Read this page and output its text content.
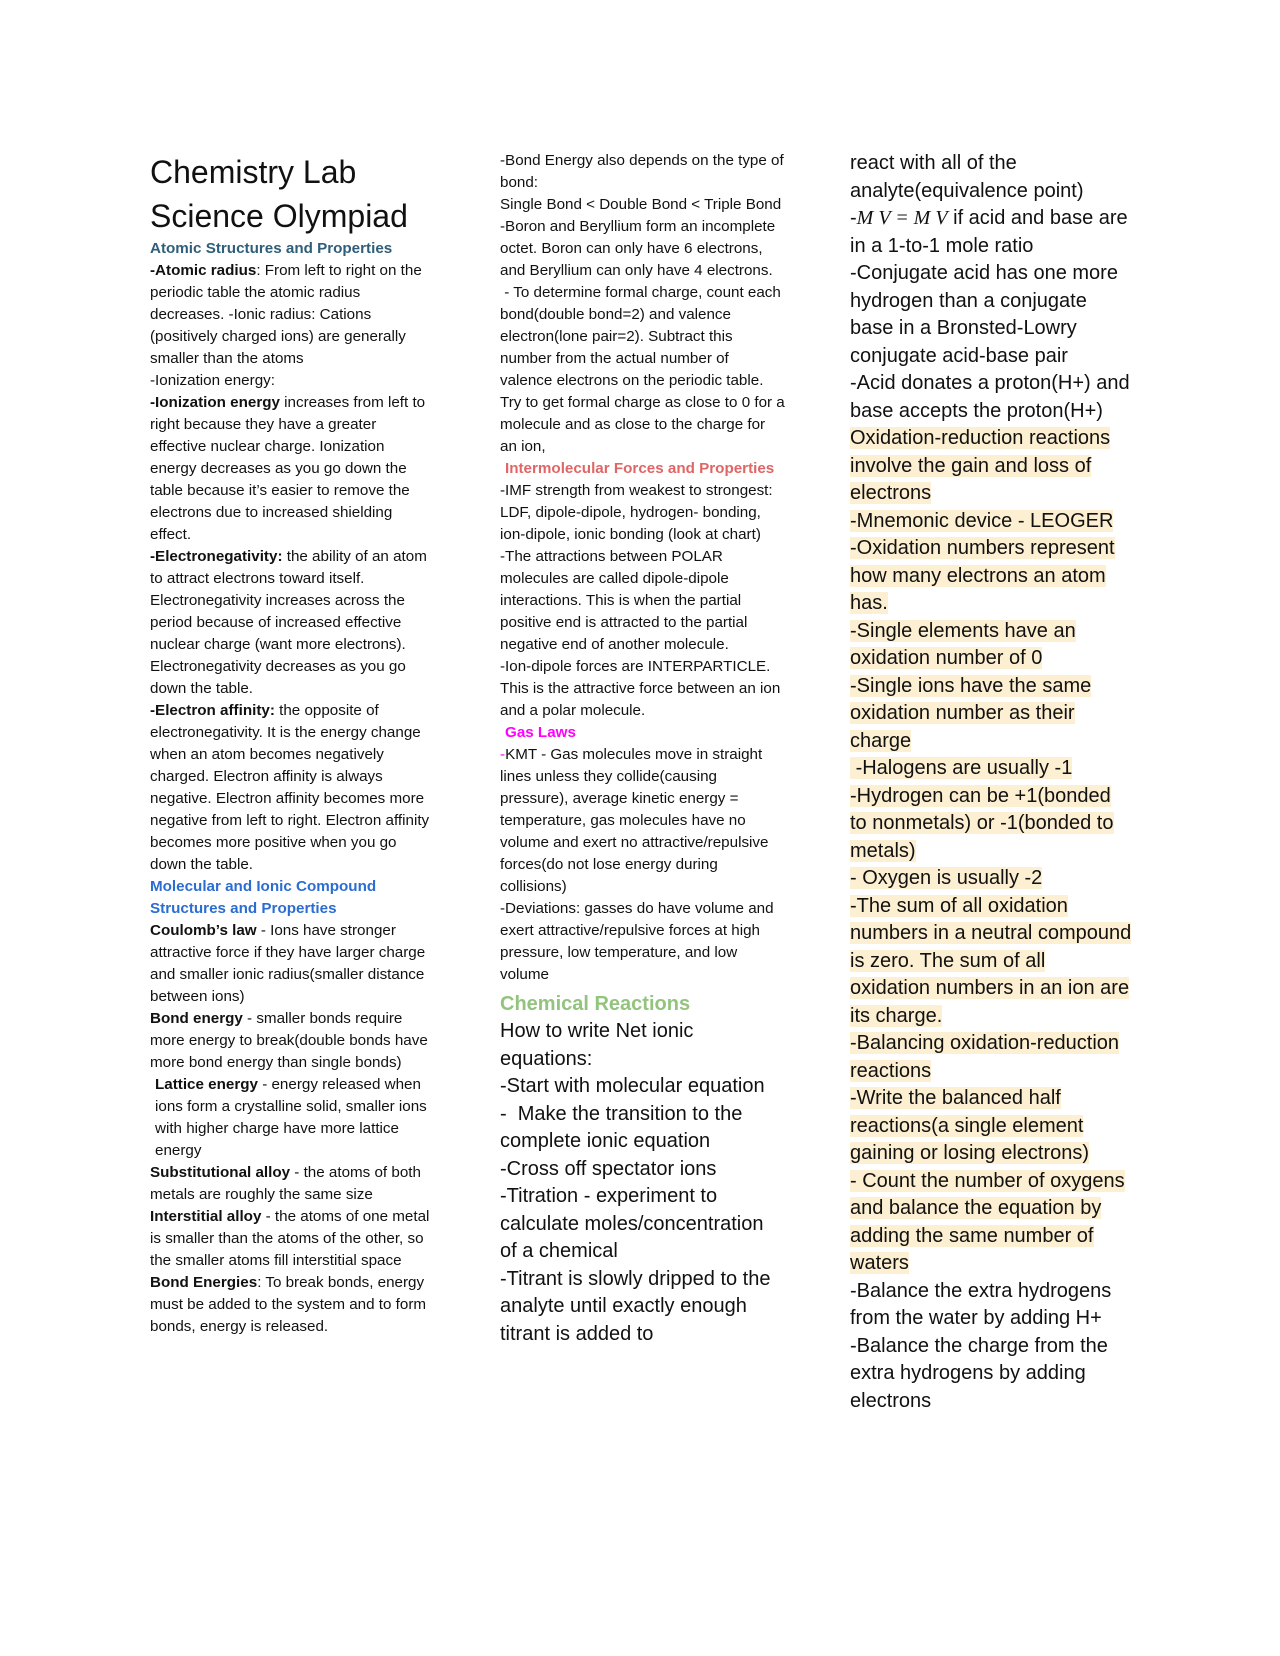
Chemistry Lab
Science Olympiad

Atomic Structures and Properties

-Atomic radius: From left to right on the periodic table the atomic radius decreases. -Ionic radius: Cations (positively charged ions) are generally smaller than the atoms

-Ionization energy:

-Ionization energy increases from left to right because they have a greater effective nuclear charge. Ionization energy decreases as you go down the table because it’s easier to remove the electrons due to increased shielding effect.

-Electronegativity: the ability of an atom to attract electrons toward itself. Electronegativity increases across the period because of increased effective nuclear charge (want more electrons). Electronegativity decreases as you go down the table.

-Electron affinity: the opposite of electronegativity. It is the energy change when an atom becomes negatively charged. Electron affinity is always negative. Electron affinity becomes more negative from left to right. Electron affinity becomes more positive when you go down the table.

Molecular and Ionic Compound Structures and Properties

Coulomb’s law - Ions have stronger attractive force if they have larger charge and smaller ionic radius(smaller distance between ions)

Bond energy - smaller bonds require more energy to break(double bonds have more bond energy than single bonds)

Lattice energy - energy released when ions form a crystalline solid, smaller ions with higher charge have more lattice energy

Substitutional alloy - the atoms of both metals are roughly the same size

Interstitial alloy - the atoms of one metal is smaller than the atoms of the other, so the smaller atoms fill interstitial space

Bond Energies: To break bonds, energy must be added to the system and to form bonds, energy is released.

-Bond Energy also depends on the type of bond:

Single Bond < Double Bond < Triple Bond

-Boron and Beryllium form an incomplete octet. Boron can only have 6 electrons, and Beryllium can only have 4 electrons.

- To determine formal charge, count each bond(double bond=2) and valence electron(lone pair=2). Subtract this number from the actual number of valence electrons on the periodic table. Try to get formal charge as close to 0 for a molecule and as close to the charge for an ion,

Intermolecular Forces and Properties

-IMF strength from weakest to strongest: LDF, dipole-dipole, hydrogen- bonding, ion-dipole, ionic bonding (look at chart)

-The attractions between POLAR molecules are called dipole-dipole interactions. This is when the partial positive end is attracted to the partial negative end of another molecule.

-Ion-dipole forces are INTERPARTICLE. This is the attractive force between an ion and a polar molecule.

Gas Laws

-KMT - Gas molecules move in straight lines unless they collide(causing pressure), average kinetic energy = temperature, gas molecules have no volume and exert no attractive/repulsive forces(do not lose energy during collisions)

-Deviations: gasses do have volume and exert attractive/repulsive forces at high pressure, low temperature, and low volume

Chemical Reactions

How to write Net ionic equations:

-Start with molecular equation

-  Make the transition to the complete ionic equation

-Cross off spectator ions

-Titration - experiment to calculate moles/concentration of a chemical

-Titrant is slowly dripped to the analyte until exactly enough titrant is added to

react with all of the analyte(equivalence point)

-M V = M V if acid and base are in a 1-to-1 mole ratio

-Conjugate acid has one more hydrogen than a conjugate base in a Bronsted-Lowry conjugate acid-base pair

-Acid donates a proton(H+) and base accepts the proton(H+)

Oxidation-reduction reactions involve the gain and loss of electrons

-Mnemonic device - LEOGER

-Oxidation numbers represent how many electrons an atom has.

-Single elements have an oxidation number of 0

-Single ions have the same oxidation number as their charge

-Halogens are usually -1

-Hydrogen can be +1(bonded to nonmetals) or -1(bonded to metals)

- Oxygen is usually -2

-The sum of all oxidation numbers in a neutral compound is zero. The sum of all

oxidation numbers in an ion are its charge.

-Balancing oxidation-reduction reactions

-Write the balanced half reactions(a single element gaining or losing electrons)

- Count the number of oxygens and balance the equation by adding the same number of waters

-Balance the extra hydrogens from the water by adding H+

-Balance the charge from the extra hydrogens by adding electrons
